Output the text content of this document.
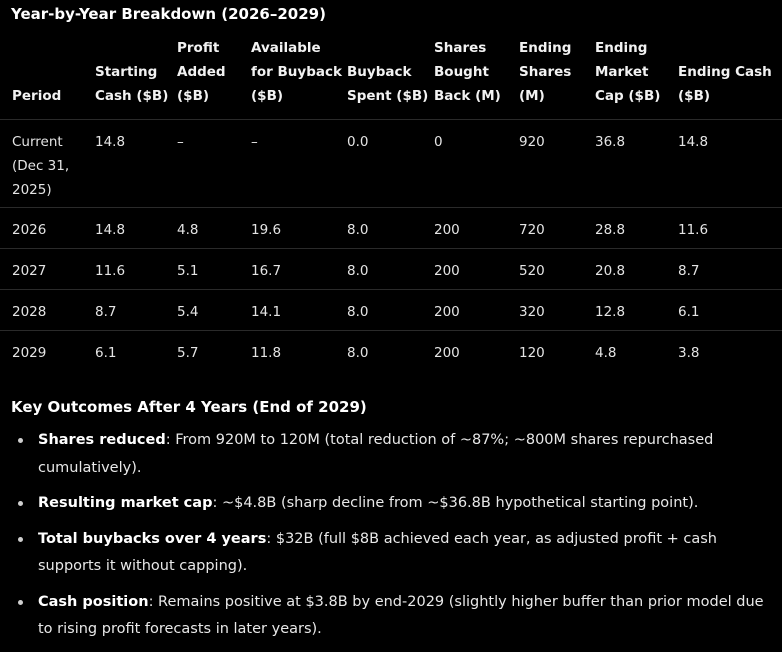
Year-by-Year Breakdown (2026–2029)
Period	Starting Cash ($B)	Profit Added ($B)	Available for Buyback ($B)	Buyback Spent ($B)	Shares Bought Back (M)	Ending Shares (M)	Ending Market Cap ($B)	Ending Cash ($B)
Current (Dec 31, 2025)	14.8	–	–	0.0	0	920	36.8	14.8
2026	14.8	4.8	19.6	8.0	200	720	28.8	11.6
2027	11.6	5.1	16.7	8.0	200	520	20.8	8.7
2028	8.7	5.4	14.1	8.0	200	320	12.8	6.1
2029	6.1	5.7	11.8	8.0	200	120	4.8	3.8
Key Outcomes After 4 Years (End of 2029)
Shares reduced: From 920M to 120M (total reduction of ~87%; ~800M shares repurchased cumulatively).
Resulting market cap: ~$4.8B (sharp decline from ~$36.8B hypothetical starting point).
Total buybacks over 4 years: $32B (full $8B achieved each year, as adjusted profit + cash supports it without capping).
Cash position: Remains positive at $3.8B by end-2029 (slightly higher buffer than prior model due to rising profit forecasts in later years).
